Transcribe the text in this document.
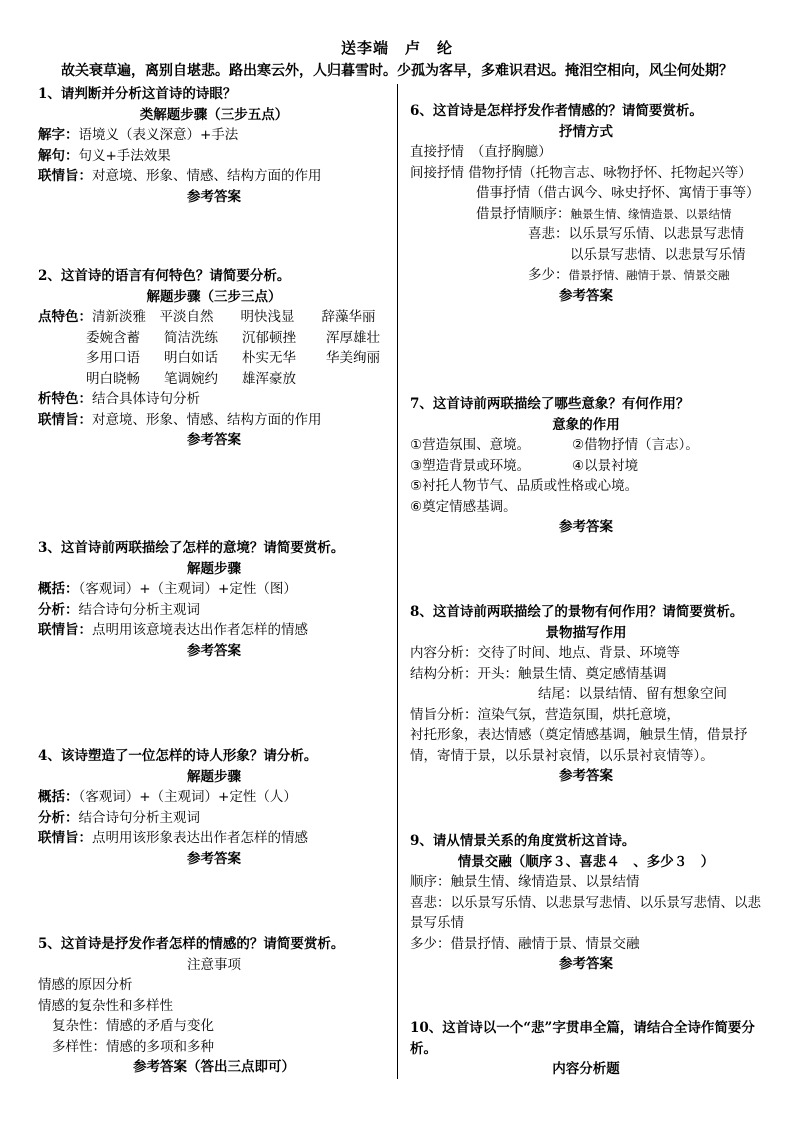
送李端　卢　纶
故关衰草遍，离别自堪悲。路出寒云外，人归暮雪时。少孤为客早，多难识君迟。掩泪空相向，风尘何处期？
1、请判断并分析这首诗的诗眼？
类解题步骤（三步五点）
解字：语境义（表义深意）+手法
解句：句义+手法效果
联情旨：对意境、形象、情感、结构方面的作用
参考答案
2、这首诗的语言有何特色？请简要分析。
解题步骤（三步三点）
点特色：清新淡雅　平淡自然　　明快浅显　　辞藻华丽
委婉含蓄	简洁洗练	沉郁顿挫	浑厚雄壮
多用口语	明白如话	朴实无华	华美绚丽
明白晓畅	笔调婉约	雄浑豪放
析特色：结合具体诗句分析
联情旨：对意境、形象、情感、结构方面的作用
参考答案
3、这首诗前两联描绘了怎样的意境？请简要赏析。
解题步骤
概括：（客观词）+（主观词）+定性（图）
分析：结合诗句分析主观词
联情旨：点明用该意境表达出作者怎样的情感
参考答案
4、该诗塑造了一位怎样的诗人形象？请分析。
解题步骤
概括：（客观词）+（主观词）+定性（人）
分析：结合诗句分析主观词
联情旨：点明用该形象表达出作者怎样的情感
参考答案
5、这首诗是抒发作者怎样的情感的？请简要赏析。
注意事项
情感的原因分析
情感的复杂性和多样性
复杂性：情感的矛盾与变化
多样性：情感的多项和多种
参考答案（答出三点即可）
6、这首诗是怎样抒发作者情感的？请简要赏析。
抒情方式
直接抒情　（直抒胸臆）
间接抒情 借物抒情（托物言志、咏物抒怀、托物起兴等）
借事抒情（借古讽今、咏史抒怀、寓情于事等）
借景抒情顺序：触景生情、缘情造景、以景结情
喜悲：以乐景写乐情、以悲景写悲情
以乐景写悲情、以悲景写乐情
多少：借景抒情、融情于景、情景交融
参考答案
7、这首诗前两联描绘了哪些意象？有何作用？
意象的作用
①营造氛围、意境。	②借物抒情（言志）。
③塑造背景或环境。	④以景衬境
⑤衬托人物节气、品质或性格或心境。
⑥奠定情感基调。
参考答案
8、这首诗前两联描绘了的景物有何作用？请简要赏析。
景物描写作用
内容分析：交待了时间、地点、背景、环境等
结构分析：开头：触景生情、奠定感情基调
结尾：以景结情、留有想象空间
情旨分析：渲染气氛，营造氛围，烘托意境，
衬托形象，表达情感（奠定情感基调，触景生情，借景抒情，寄情于景，以乐景衬哀情，以乐景衬哀情等）。
参考答案
9、请从情景关系的角度赏析这首诗。
情景交融（顺序３、喜悲４　、多少３　）
顺序：触景生情、缘情造景、以景结情
喜悲：以乐景写乐情、以悲景写悲情、以乐景写悲情、以悲景写乐情
多少：借景抒情、融情于景、情景交融
参考答案
10、这首诗以一个“悲”字贯串全篇，请结合全诗作简要分析。
内容分析题
